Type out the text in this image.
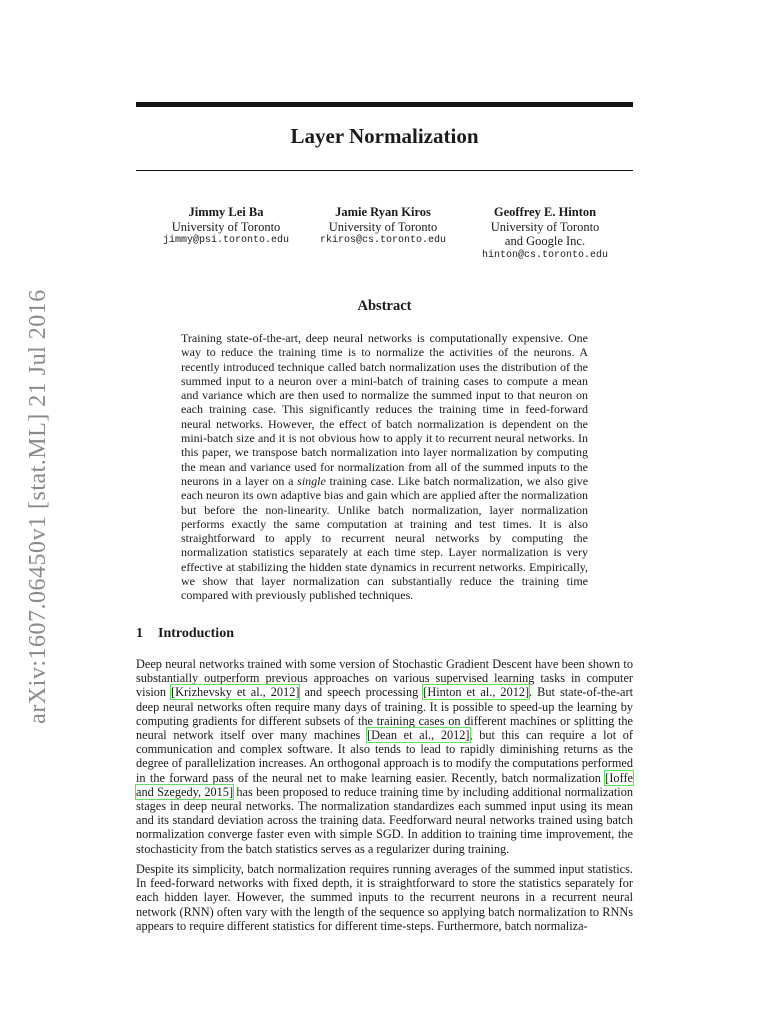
arXiv:1607.06450v1 [stat.ML] 21 Jul 2016
Layer Normalization
Jimmy Lei Ba
University of Toronto
jimmy@psi.toronto.edu
Jamie Ryan Kiros
University of Toronto
rkiros@cs.toronto.edu
Geoffrey E. Hinton
University of Toronto
and Google Inc.
hinton@cs.toronto.edu
Abstract

Training state-of-the-art, deep neural networks is computationally expensive. One way to reduce the training time is to normalize the activities of the neurons. A recently introduced technique called batch normalization uses the distribution of the summed input to a neuron over a mini-batch of training cases to compute a mean and variance which are then used to normalize the summed input to that neuron on each training case. This significantly reduces the training time in feed-forward neural networks. However, the effect of batch normalization is dependent on the mini-batch size and it is not obvious how to apply it to recurrent neural networks. In this paper, we transpose batch normalization into layer normalization by computing the mean and variance used for normalization from all of the summed inputs to the neurons in a layer on a single training case. Like batch normalization, we also give each neuron its own adaptive bias and gain which are applied after the normalization but before the non-linearity. Unlike batch normalization, layer normalization performs exactly the same computation at training and test times. It is also straightforward to apply to recurrent neural networks by computing the normalization statistics separately at each time step. Layer normalization is very effective at stabilizing the hidden state dynamics in recurrent networks. Empirically, we show that layer normalization can substantially reduce the training time compared with previously published techniques.

1 Introduction

Deep neural networks trained with some version of Stochastic Gradient Descent have been shown to substantially outperform previous approaches on various supervised learning tasks in computer vision [Krizhevsky et al., 2012] and speech processing [Hinton et al., 2012]. But state-of-the-art deep neural networks often require many days of training. It is possible to speed-up the learning by computing gradients for different subsets of the training cases on different machines or splitting the neural network itself over many machines [Dean et al., 2012], but this can require a lot of communication and complex software. It also tends to lead to rapidly diminishing returns as the degree of parallelization increases. An orthogonal approach is to modify the computations performed in the forward pass of the neural net to make learning easier. Recently, batch normalization [Ioffe and Szegedy, 2015] has been proposed to reduce training time by including additional normalization stages in deep neural networks. The normalization standardizes each summed input using its mean and its standard deviation across the training data. Feedforward neural networks trained using batch normalization converge faster even with simple SGD. In addition to training time improvement, the stochasticity from the batch statistics serves as a regularizer during training.

Despite its simplicity, batch normalization requires running averages of the summed input statistics. In feed-forward networks with fixed depth, it is straightforward to store the statistics separately for each hidden layer. However, the summed inputs to the recurrent neurons in a recurrent neural network (RNN) often vary with the length of the sequence so applying batch normalization to RNNs appears to require different statistics for different time-steps. Furthermore, batch normaliza-
